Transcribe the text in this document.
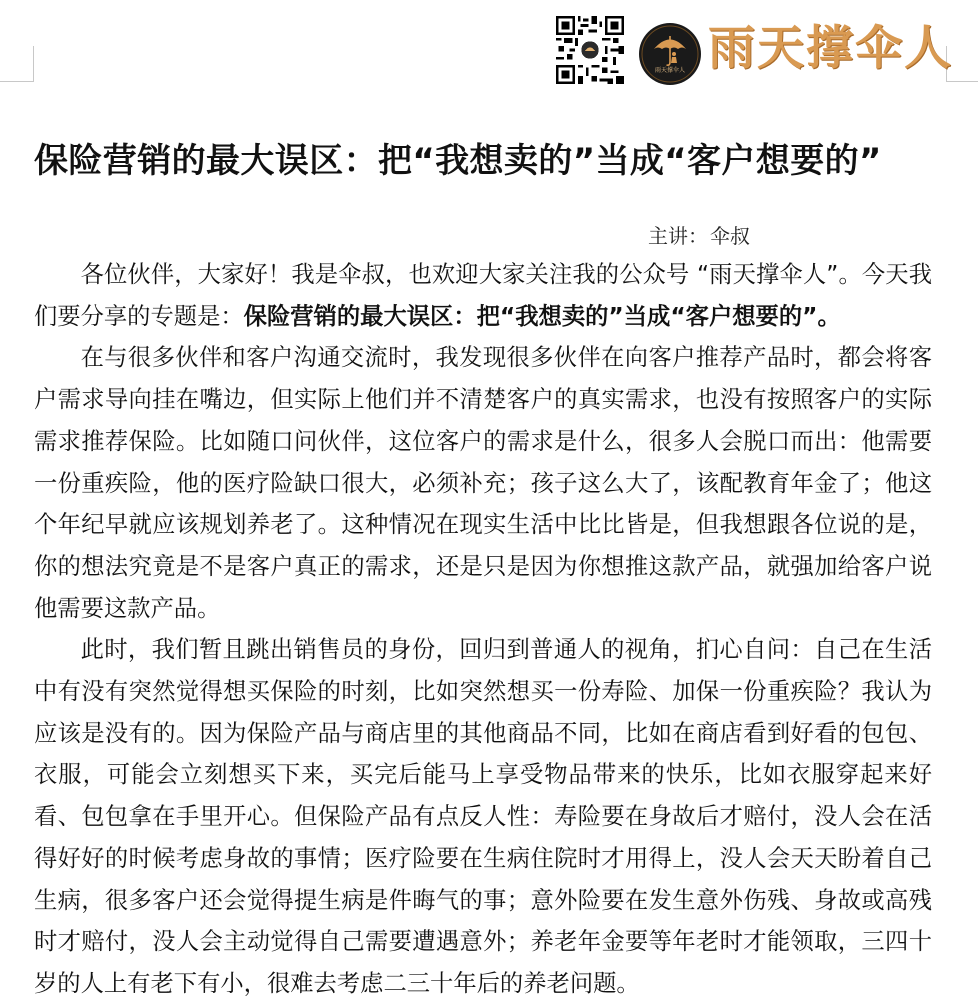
雨天撑伞人 雨天撑伞人
保险营销的最大误区：把“我想卖的”当成“客户想要的”
主讲： 伞叔

各位伙伴，大家好！我是伞叔，也欢迎大家关注我的公众号 “雨天撑伞人”。今天我们要分享的专题是：保险营销的最大误区：把“我想卖的”当成“客户想要的”。

在与很多伙伴和客户沟通交流时，我发现很多伙伴在向客户推荐产品时，都会将客户需求导向挂在嘴边，但实际上他们并不清楚客户的真实需求，也没有按照客户的实际需求推荐保险。比如随口问伙伴，这位客户的需求是什么，很多人会脱口而出：他需要一份重疾险，他的医疗险缺口很大，必须补充；孩子这么大了，该配教育年金了；他这个年纪早就应该规划养老了。这种情况在现实生活中比比皆是，但我想跟各位说的是，你的想法究竟是不是客户真正的需求，还是只是因为你想推这款产品，就强加给客户说他需要这款产品。

此时，我们暂且跳出销售员的身份，回归到普通人的视角，扪心自问：自己在生活中有没有突然觉得想买保险的时刻，比如突然想买一份寿险、加保一份重疾险？我认为应该是没有的。因为保险产品与商店里的其他商品不同，比如在商店看到好看的包包、衣服，可能会立刻想买下来，买完后能马上享受物品带来的快乐，比如衣服穿起来好看、包包拿在手里开心。但保险产品有点反人性：寿险要在身故后才赔付，没人会在活得好好的时候考虑身故的事情；医疗险要在生病住院时才用得上，没人会天天盼着自己生病，很多客户还会觉得提生病是件晦气的事；意外险要在发生意外伤残、身故或高残时才赔付，没人会主动觉得自己需要遭遇意外；养老年金要等年老时才能领取，三四十岁的人上有老下有小，很难去考虑二三十年后的养老问题。
